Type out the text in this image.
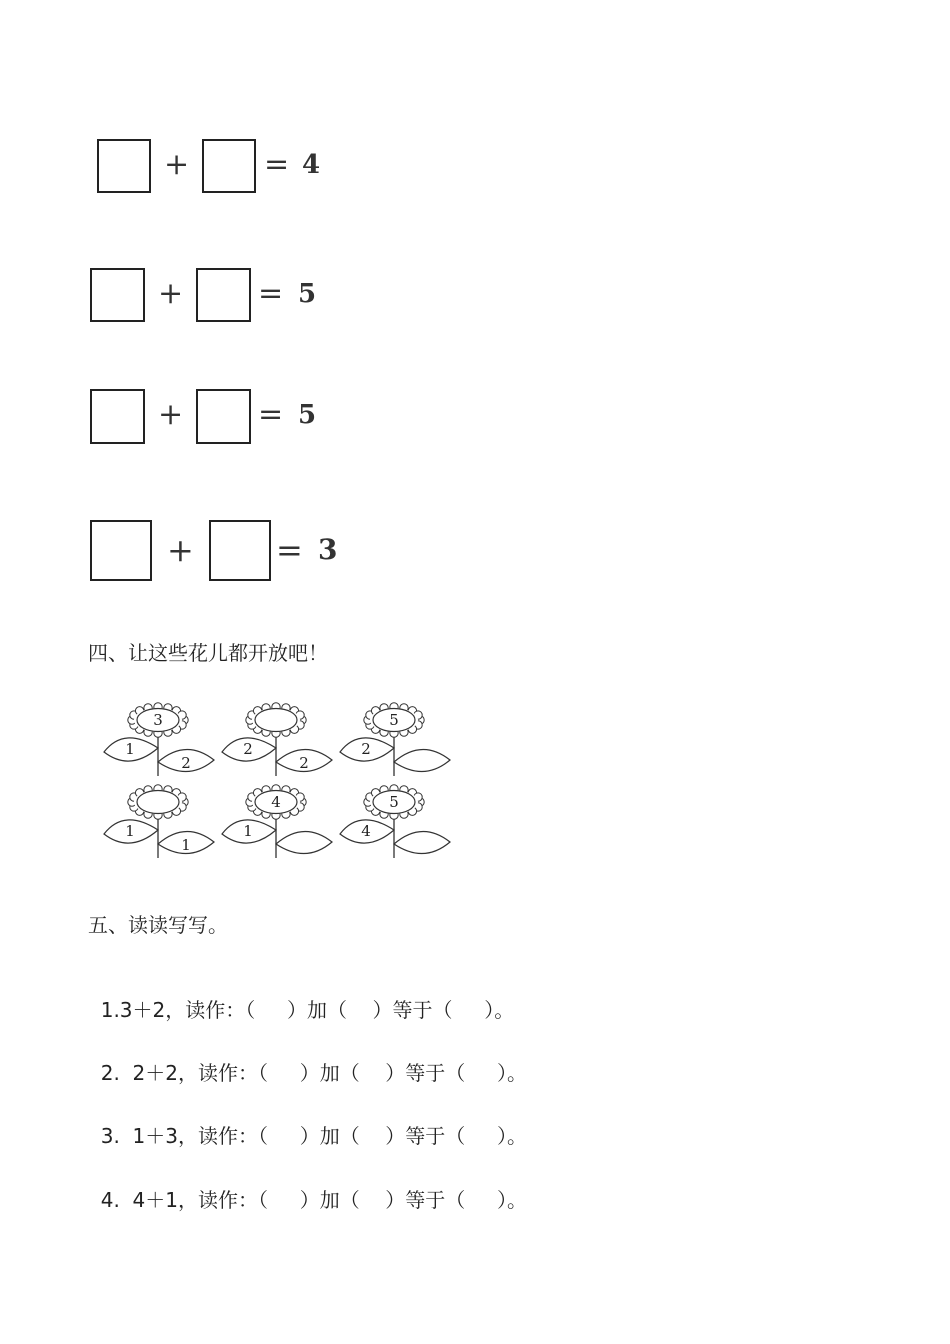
+ = 4
+ = 5
+ = 5
+	= 3
四、让这些花儿都开放吧！
3
1
2
2
2
5
2
1
1
4
1
5
4
五、读读写写。

1.3＋2，读作：（ ）加（ ）等于（ ）。

2.  2＋2，读作：（ ）加（ ）等于（ ）。

3.  1＋3，读作：（ ）加（ ）等于（ ）。

4.  4＋1，读作：（ ）加（ ）等于（ ）。
